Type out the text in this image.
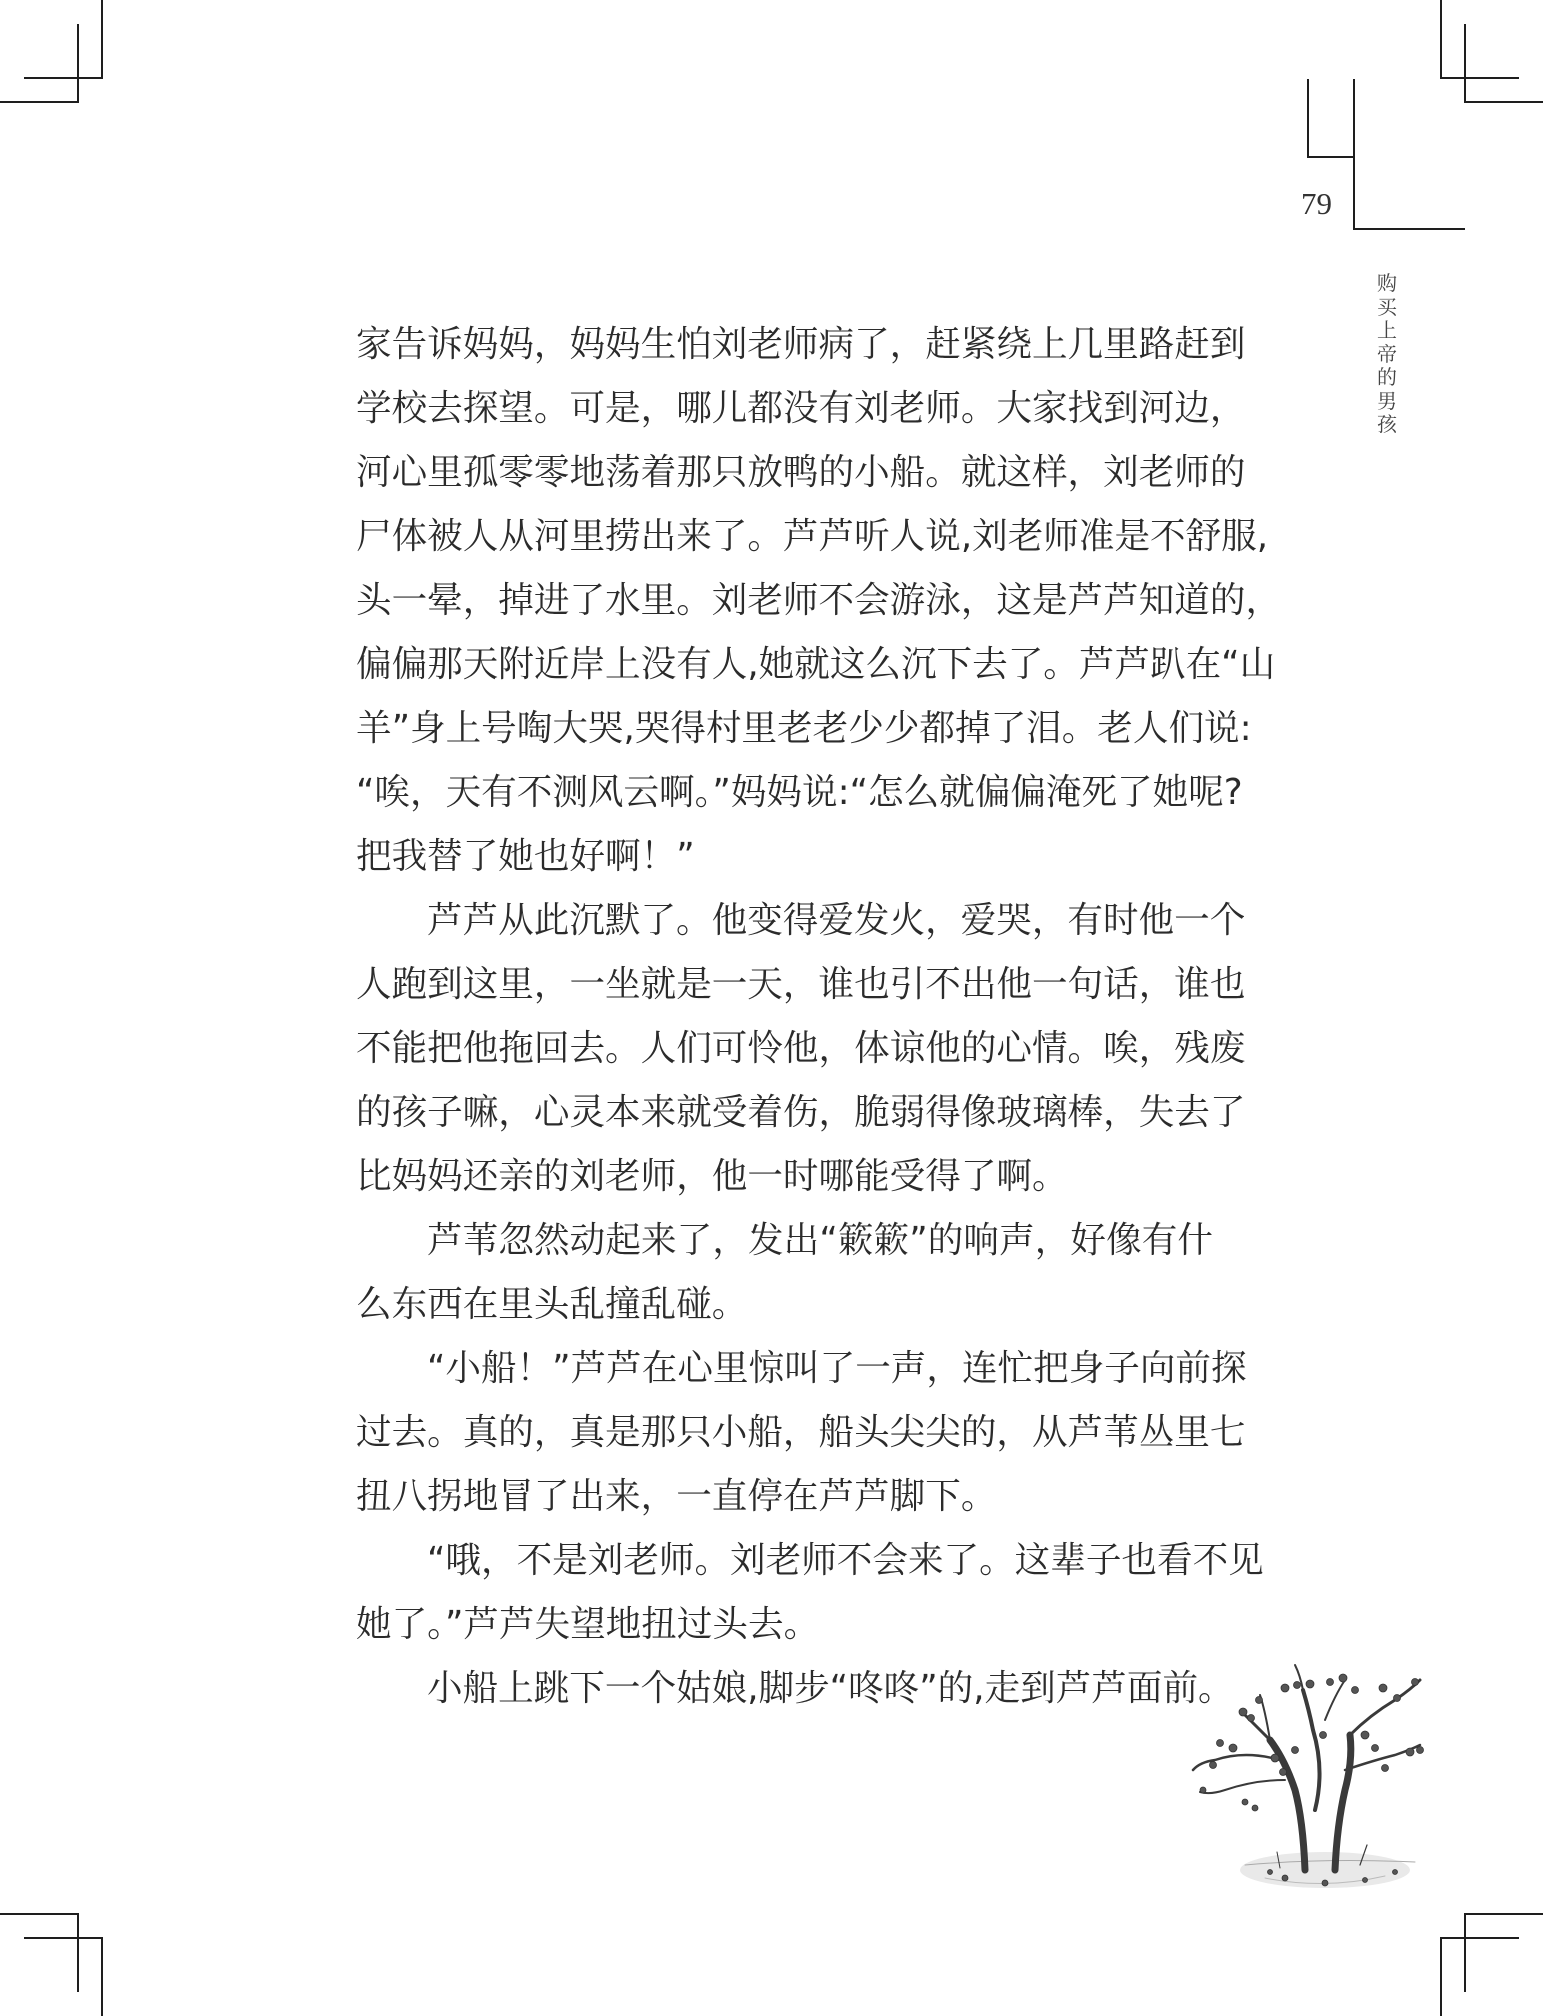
79
购买上帝的男孩
家告诉妈妈，妈妈生怕刘老师病了，赶紧绕上几里路赶到
学校去探望。可是，哪儿都没有刘老师。大家找到河边，
河心里孤零零地荡着那只放鸭的小船。就这样，刘老师的
尸体被人从河里捞出来了。芦芦听人说,刘老师准是不舒服,
头一晕，掉进了水里。刘老师不会游泳，这是芦芦知道的，
偏偏那天附近岸上没有人,她就这么沉下去了。芦芦趴在“山
羊”身上号啕大哭,哭得村里老老少少都掉了泪。老人们说:
“唉，天有不测风云啊。”妈妈说:“怎么就偏偏淹死了她呢?
把我替了她也好啊！”
芦芦从此沉默了。他变得爱发火，爱哭，有时他一个
人跑到这里，一坐就是一天，谁也引不出他一句话，谁也
不能把他拖回去。人们可怜他，体谅他的心情。唉，残废
的孩子嘛，心灵本来就受着伤，脆弱得像玻璃棒，失去了
比妈妈还亲的刘老师，他一时哪能受得了啊。
芦苇忽然动起来了，发出“簌簌”的响声，好像有什
么东西在里头乱撞乱碰。
“小船！”芦芦在心里惊叫了一声，连忙把身子向前探
过去。真的，真是那只小船，船头尖尖的，从芦苇丛里七
扭八拐地冒了出来，一直停在芦芦脚下。
“哦，不是刘老师。刘老师不会来了。这辈子也看不见
她了。”芦芦失望地扭过头去。
小船上跳下一个姑娘,脚步“咚咚”的,走到芦芦面前。
